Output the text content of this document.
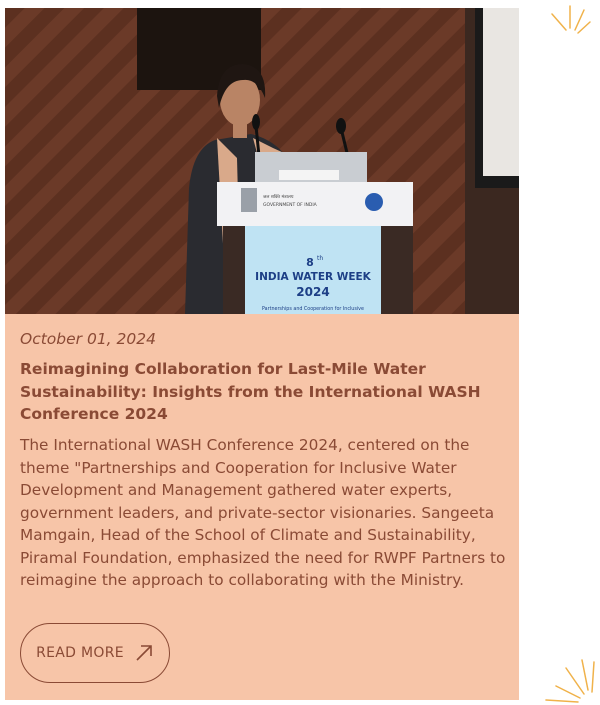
जल शक्ति मंत्रालय
GOVERNMENT OF INDIA
8 th
INDIA WATER WEEK
2024
Partnerships and Cooperation for Inclusive
October 01, 2024
Reimagining Collaboration for Last-Mile Water Sustainability: Insights from the International WASH Conference 2024
The International WASH Conference 2024, centered on the theme "Partnerships and Cooperation for Inclusive Water Development and Management gathered water experts, government leaders, and private-sector visionaries. Sangeeta Mamgain, Head of the School of Climate and Sustainability, Piramal Foundation, emphasized the need for RWPF Partners to reimagine the approach to collaborating with the Ministry.
READ MORE
